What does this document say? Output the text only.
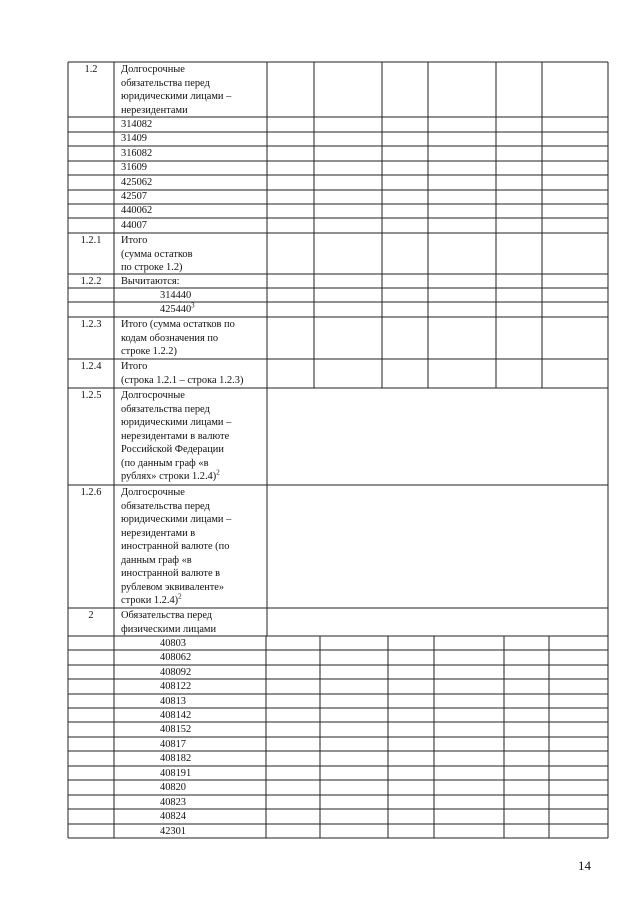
1.2	Долгосрочные
обязательства перед
юридическими лицами –
нерезидентами
314082
31409
316082
31609
425062
42507
440062
44007
1.2.1	Итого
(сумма остатков
по строке 1.2)
1.2.2	Вычитаются:
314440
425440$^3$
1.2.3	Итого (сумма остатков по
кодам обозначения по
строке 1.2.2)
1.2.4	Итого
(строка 1.2.1 – строка 1.2.3)
1.2.5	Долгосрочные
обязательства перед
юридическими лицами –
нерезидентами в валюте
Российской Федерации
(по данным граф «в
рублях» строки 1.2.4)$^2$
1.2.6	Долгосрочные
обязательства перед
юридическими лицами –
нерезидентами в
иностранной валюте (по
данным граф «в
иностранной валюте в
рублевом эквиваленте»
строки 1.2.4)$^2$
2	Обязательства перед
физическими лицами
40803
408062
408092
408122
40813
408142
408152
40817
408182
408191
40820
40823
40824
42301
14
